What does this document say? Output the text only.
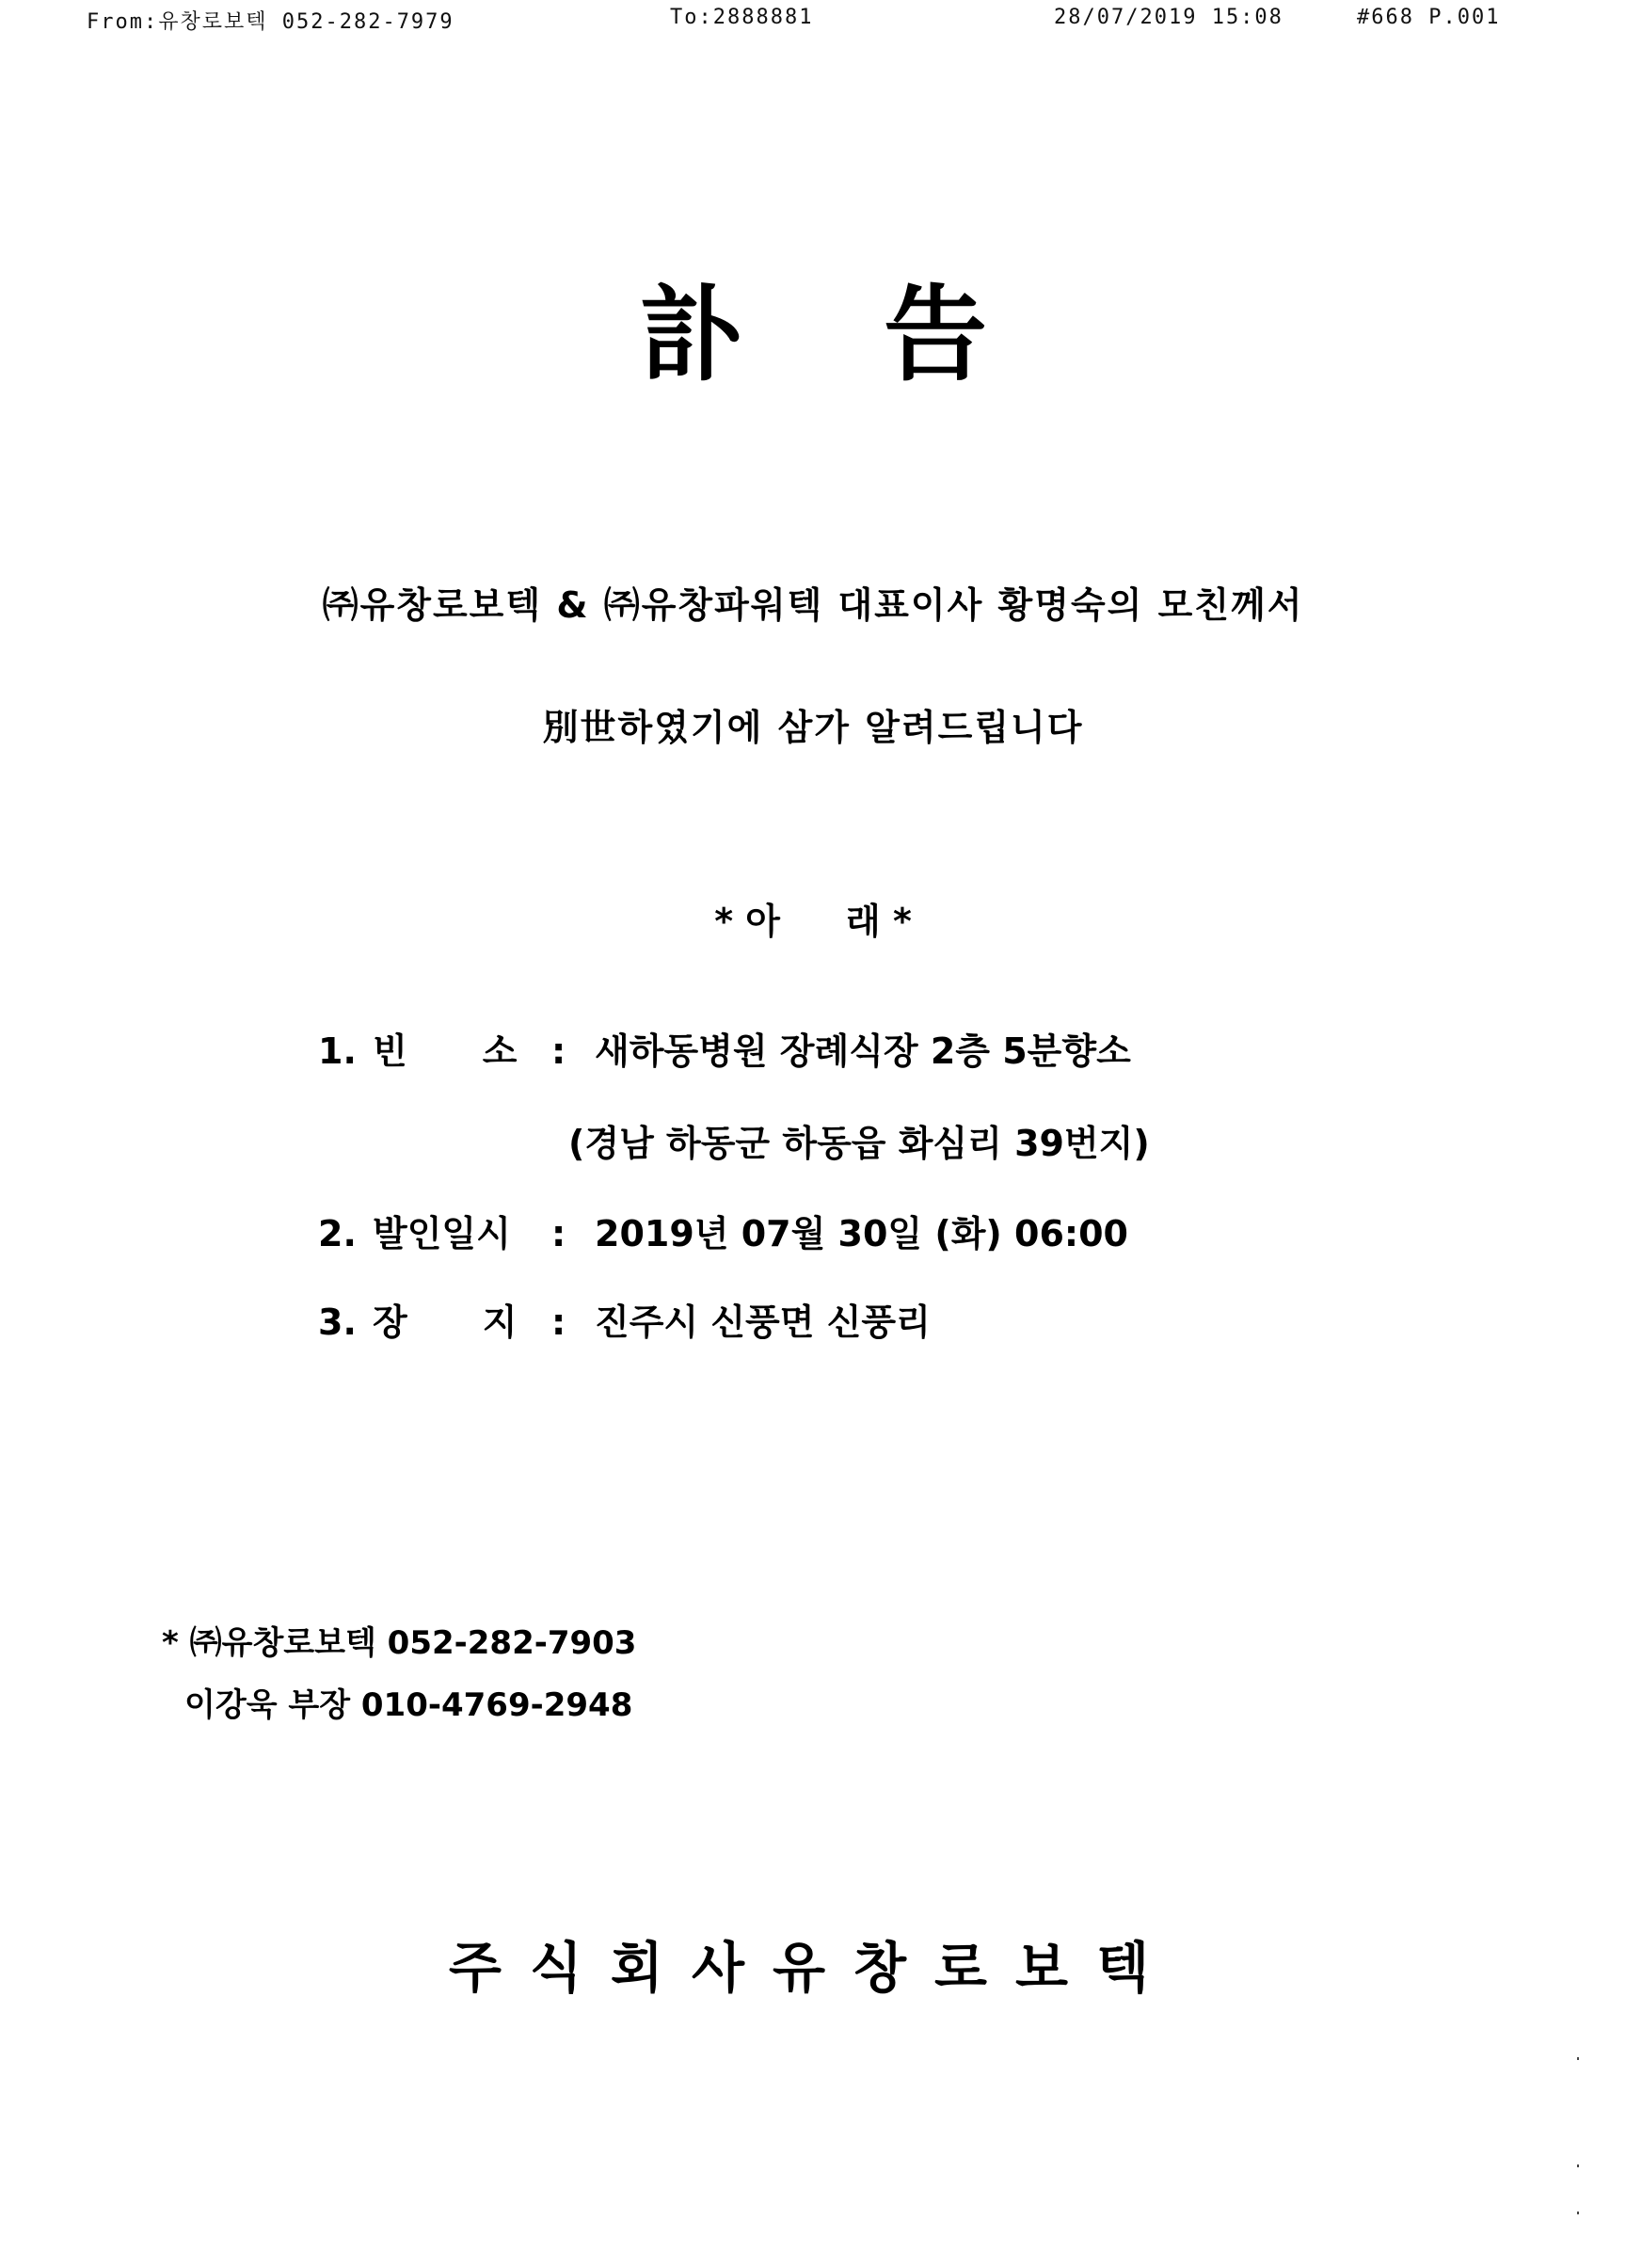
From:유창로보텍 052-282-7979	To:2888881	28/07/2019 15:08	#668 P.001
訃 告
㈜유창로보텍 & ㈜유창파워텍 대표이사 황명숙의 모친께서
別世하였기에 삼가 알려드립니다
* 아 래 *
1. 빈 소 : 새하동병원 장례식장 2층 5분향소
(경남 하동군 하동읍 화심리 39번지)
2. 발인일시 : 2019년 07월 30일 (화) 06:00
3. 장 지 : 진주시 신풍면 신풍리
* ㈜유창로보텍 052-282-7903
이강욱 부장 010-4769-2948
주식회사유창로보텍
